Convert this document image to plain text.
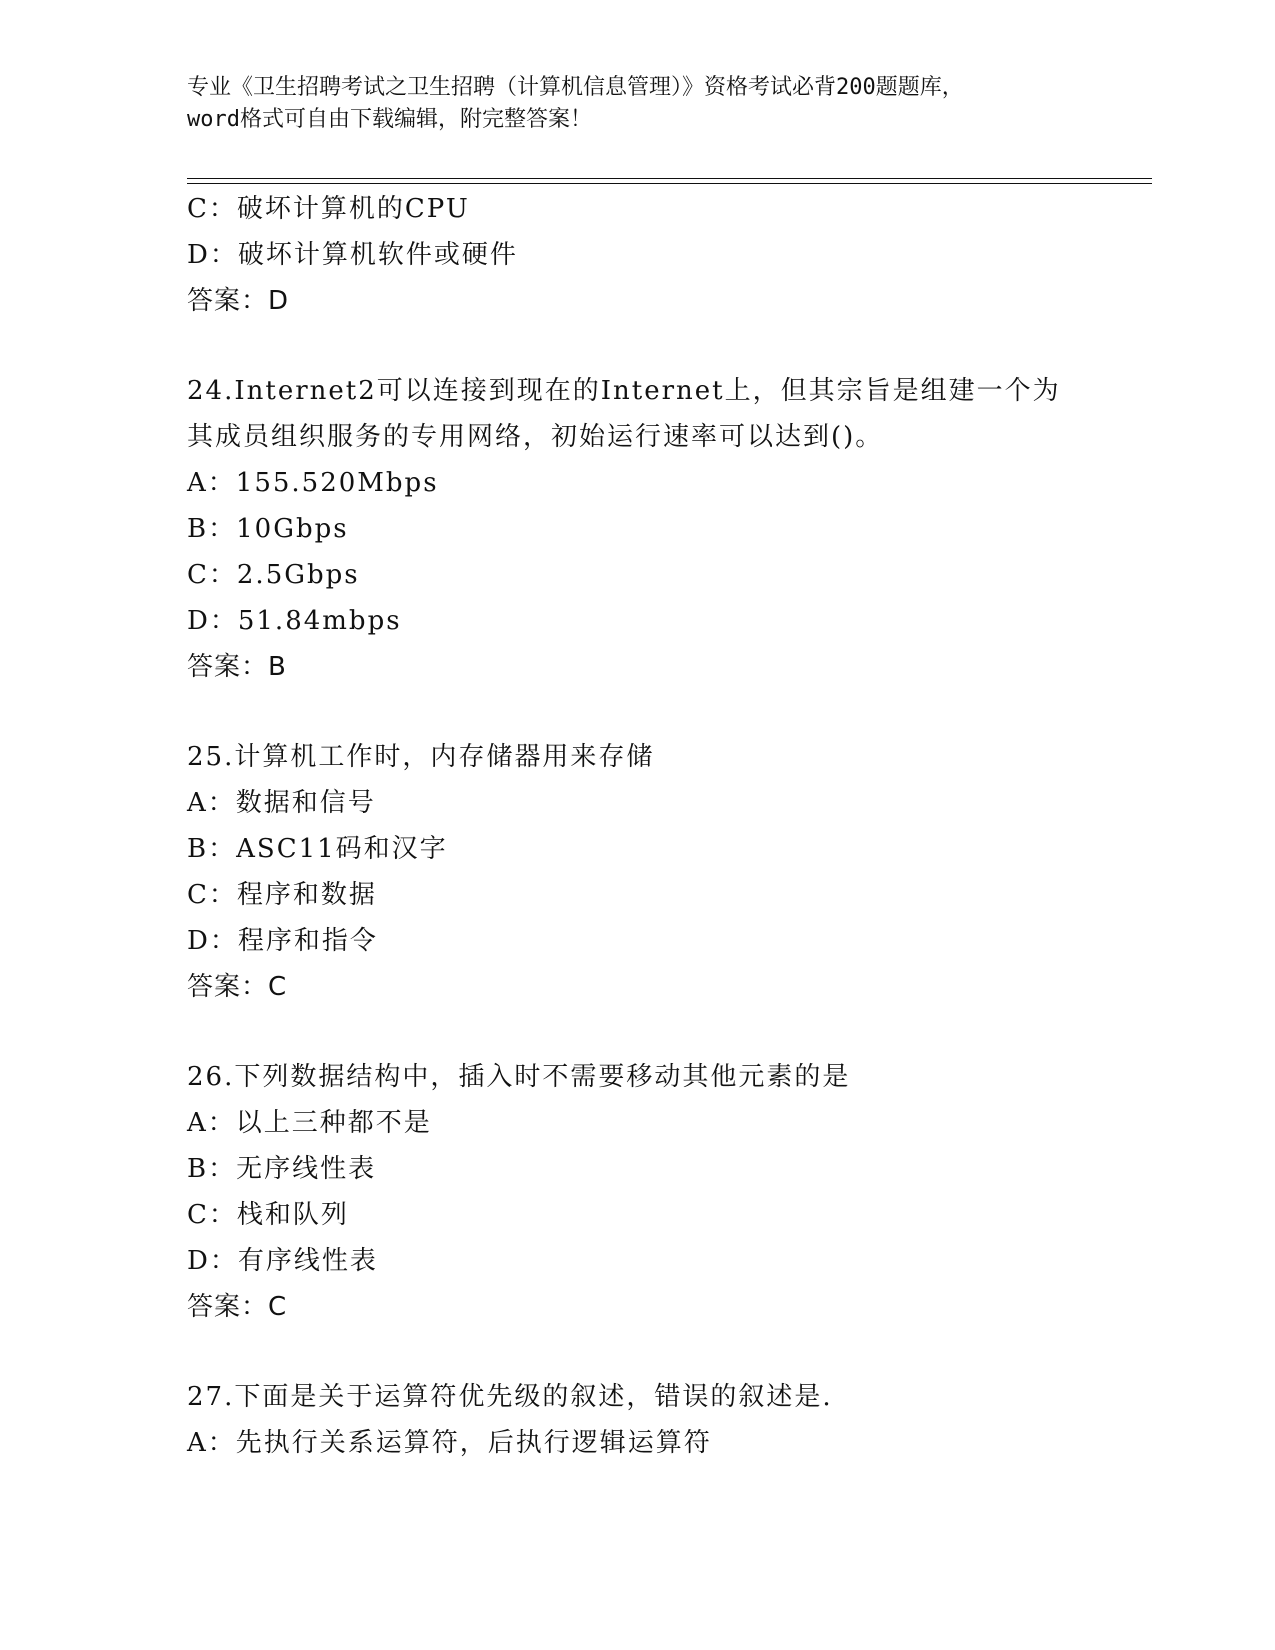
专业《卫生招聘考试之卫生招聘（计算机信息管理）》资格考试必背200题题库，
word格式可自由下载编辑，附完整答案！
C：破坏计算机的CPU
D：破坏计算机软件或硬件
答案：D
24.Internet2可以连接到现在的Internet上，但其宗旨是组建一个为
其成员组织服务的专用网络，初始运行速率可以达到()。
A：155.520Mbps
B：10Gbps
C：2.5Gbps
D：51.84mbps
答案：B
25.计算机工作时，内存储器用来存储
A：数据和信号
B：ASC11码和汉字
C：程序和数据
D：程序和指令
答案：C
26.下列数据结构中，插入时不需要移动其他元素的是
A：以上三种都不是
B：无序线性表
C：栈和队列
D：有序线性表
答案：C
27.下面是关于运算符优先级的叙述，错误的叙述是.
A：先执行关系运算符，后执行逻辑运算符
